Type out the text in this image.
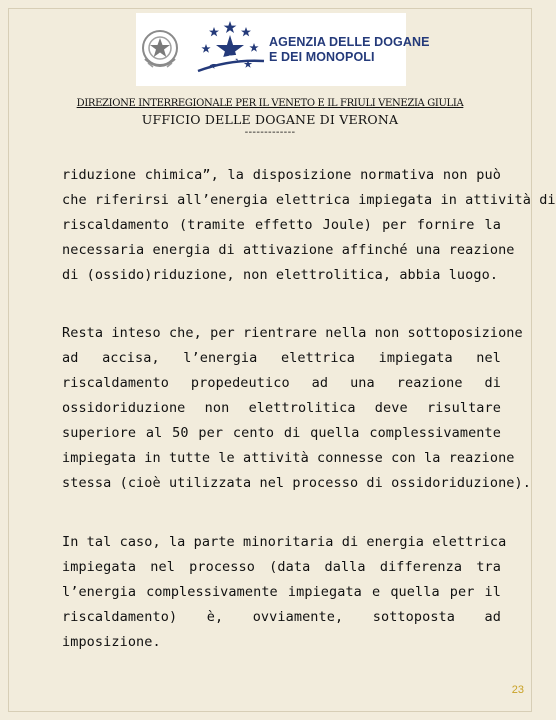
AGENZIA DELLE DOGANE
E DEI MONOPOLI
DIREZIONE INTERREGIONALE PER IL VENETO E IL FRIULI VENEZIA GIULIA
UFFICIO DELLE DOGANE DI VERONA
-------------
riduzione chimica”, la disposizione normativa non può
che riferirsi all’energia elettrica impiegata in attività di
riscaldamento (tramite effetto Joule) per fornire la
necessaria energia di attivazione affinché una reazione
di (ossido)riduzione, non elettrolitica, abbia luogo.
Resta inteso che, per rientrare nella non sottoposizione
ad accisa, l’energia elettrica impiegata nel
riscaldamento propedeutico ad una reazione di
ossidoriduzione non elettrolitica deve risultare
superiore al 50 per cento di quella complessivamente
impiegata in tutte le attività connesse con la reazione
stessa (cioè utilizzata nel processo di ossidoriduzione).
In tal caso, la parte minoritaria di energia elettrica
impiegata nel processo (data dalla differenza tra
l’energia complessivamente impiegata e quella per il
riscaldamento) è, ovviamente, sottoposta ad
imposizione.
23
